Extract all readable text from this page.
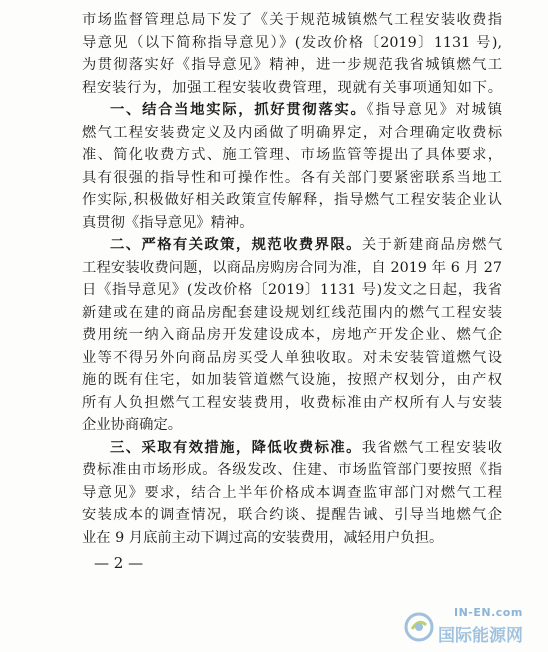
市场监督管理总局下发了《关于规范城镇燃气工程安装收费指
导意见（以下简称指导意见）》(发改价格〔2019〕1131 号),
为贯彻落实好《指导意见》精神，进一步规范我省城镇燃气工
程安装行为，加强工程安装收费管理，现就有关事项通知如下。
一、结合当地实际，抓好贯彻落实。《指导意见》对城镇
燃气工程安装费定义及内函做了明确界定，对合理确定收费标
准、简化收费方式、施工管理、市场监管等提出了具体要求，
具有很强的指导性和可操作性。各有关部门要紧密联系当地工
作实际,积极做好相关政策宣传解释，指导燃气工程安装企业认
真贯彻《指导意见》精神。
二、严格有关政策，规范收费界限。关于新建商品房燃气
工程安装收费问题，以商品房购房合同为准，自 2019 年 6 月 27
日《指导意见》(发改价格〔2019〕1131 号)发文之日起，我省
新建或在建的商品房配套建设规划红线范围内的燃气工程安装
费用统一纳入商品房开发建设成本，房地产开发企业、燃气企
业等不得另外向商品房买受人单独收取。对未安装管道燃气设
施的既有住宅，如加装管道燃气设施，按照产权划分，由产权
所有人负担燃气工程安装费用，收费标准由产权所有人与安装
企业协商确定。
三、采取有效措施，降低收费标准。我省燃气工程安装收
费标准由市场形成。各级发改、住建、市场监管部门要按照《指
导意见》要求，结合上半年价格成本调查监审部门对燃气工程
安装成本的调查情况，联合约谈、提醒告诫、引导当地燃气企
业在 9 月底前主动下调过高的安装费用，减轻用户负担。
— 2 —
IN-EN.com
国际能源网
